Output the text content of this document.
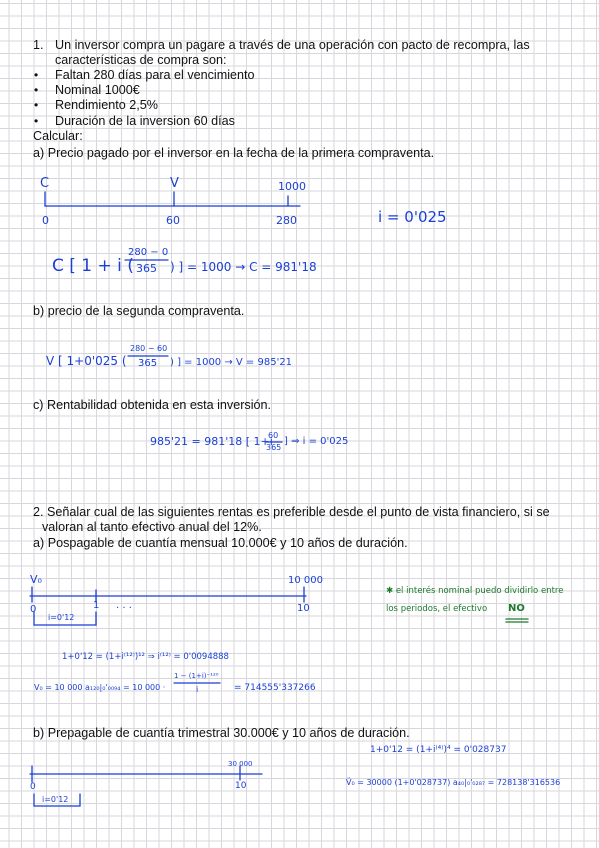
1. Un inversor compra un pagare a través de una operación con pacto de recompra, las
características de compra son:
• Faltan 280 días para el vencimiento
• Nominal 1000€
• Rendimiento 2,5%
• Duración de la inversion 60 días
Calcular:
a) Precio pagado por el inversor en la fecha de la primera compraventa.
C	V	1000
0	60	280	i = 0'025
C [ 1 + i (
280 − 0
365 ) ] = 1000 → C = 981'18
b) precio de la segunda compraventa.
V [ 1+0'025 (
280 − 60
365 ) ] = 1000 → V = 985'21
c) Rentabilidad obtenida en esta inversión.
985'21 = 981'18 [ 1+i
60
365
] ⇒ i = 0'025
2. Señalar cual de las siguientes rentas es preferible desde el punto de vista financiero, si se
valoran al tanto efectivo anual del 12%.
a) Pospagable de cuantía mensual 10.000€ y 10 años de duración.
V₀	10 000
0	1 . . .	10
i=0'12
✱ el interés nominal puedo dividirlo entre
los periodos, el efectivo NO
1+0'12 = (1+i⁽¹²⁾)¹² ⇒ i⁽¹²⁾ = 0'0094888
V₀ = 10 000 a₁₂₀|₀'₀₀₉₄ = 10 000 ·
1 − (1+i)⁻¹²⁰
i	= 714555'337266
b) Prepagable de cuantía trimestral 30.000€ y 10 años de duración.
1+0'12 = (1+i⁽⁴⁾)⁴ = 0'028737
V̈₀ = 30000 (1+0'028737) a₄₀|₀'₀₂₈₇ = 728138'316536
30 000
0	10
i=0'12
